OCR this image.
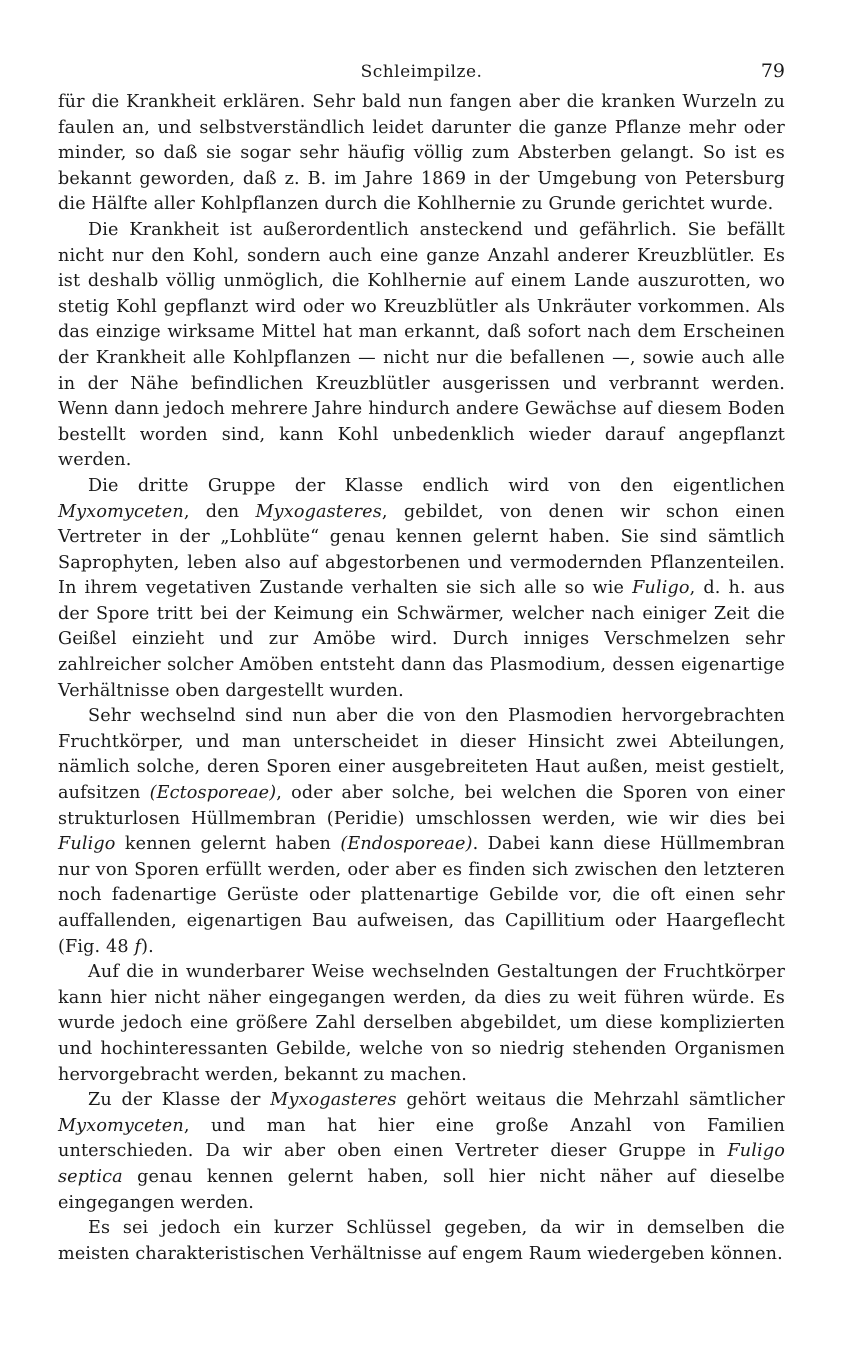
Schleimpilze.	79

für die Krankheit erklären. Sehr bald nun fangen aber die kranken Wurzeln zu faulen an, und selbstverständlich leidet darunter die ganze Pflanze mehr oder minder, so daß sie sogar sehr häufig völlig zum Absterben gelangt. So ist es bekannt geworden, daß z. B. im Jahre 1869 in der Umgebung von Petersburg die Hälfte aller Kohlpflanzen durch die Kohlhernie zu Grunde gerichtet wurde.

Die Krankheit ist außerordentlich ansteckend und gefährlich. Sie befällt nicht nur den Kohl, sondern auch eine ganze Anzahl anderer Kreuzblütler. Es ist deshalb völlig unmöglich, die Kohlhernie auf einem Lande auszurotten, wo stetig Kohl gepflanzt wird oder wo Kreuzblütler als Unkräuter vorkommen. Als das einzige wirksame Mittel hat man erkannt, daß sofort nach dem Erscheinen der Krankheit alle Kohlpflanzen — nicht nur die befallenen —, sowie auch alle in der Nähe befindlichen Kreuzblütler ausgerissen und verbrannt werden. Wenn dann jedoch mehrere Jahre hindurch andere Gewächse auf diesem Boden bestellt worden sind, kann Kohl unbedenklich wieder darauf angepflanzt werden.

Die dritte Gruppe der Klasse endlich wird von den eigentlichen Myxomyceten, den Myxogasteres, gebildet, von denen wir schon einen Vertreter in der „Lohblüte“ genau kennen gelernt haben. Sie sind sämtlich Saprophyten, leben also auf abgestorbenen und vermodernden Pflanzenteilen. In ihrem vegetativen Zustande verhalten sie sich alle so wie Fuligo, d. h. aus der Spore tritt bei der Keimung ein Schwärmer, welcher nach einiger Zeit die Geißel einzieht und zur Amöbe wird. Durch inniges Verschmelzen sehr zahlreicher solcher Amöben entsteht dann das Plasmodium, dessen eigenartige Verhältnisse oben dargestellt wurden.

Sehr wechselnd sind nun aber die von den Plasmodien hervorgebrachten Fruchtkörper, und man unterscheidet in dieser Hinsicht zwei Abteilungen, nämlich solche, deren Sporen einer ausgebreiteten Haut außen, meist gestielt, aufsitzen (Ectosporeae), oder aber solche, bei welchen die Sporen von einer strukturlosen Hüllmembran (Peridie) umschlossen werden, wie wir dies bei Fuligo kennen gelernt haben (Endosporeae). Dabei kann diese Hüllmembran nur von Sporen erfüllt werden, oder aber es finden sich zwischen den letzteren noch fadenartige Gerüste oder plattenartige Gebilde vor, die oft einen sehr auffallenden, eigenartigen Bau aufweisen, das Capillitium oder Haargeflecht (Fig. 48 f).

Auf die in wunderbarer Weise wechselnden Gestaltungen der Fruchtkörper kann hier nicht näher eingegangen werden, da dies zu weit führen würde. Es wurde jedoch eine größere Zahl derselben abgebildet, um diese komplizierten und hochinteressanten Gebilde, welche von so niedrig stehenden Organismen hervorgebracht werden, bekannt zu machen.

Zu der Klasse der Myxogasteres gehört weitaus die Mehrzahl sämtlicher Myxomyceten, und man hat hier eine große Anzahl von Familien unterschieden. Da wir aber oben einen Vertreter dieser Gruppe in Fuligo septica genau kennen gelernt haben, soll hier nicht näher auf dieselbe eingegangen werden.

Es sei jedoch ein kurzer Schlüssel gegeben, da wir in demselben die meisten charakteristischen Verhältnisse auf engem Raum wiedergeben können.
